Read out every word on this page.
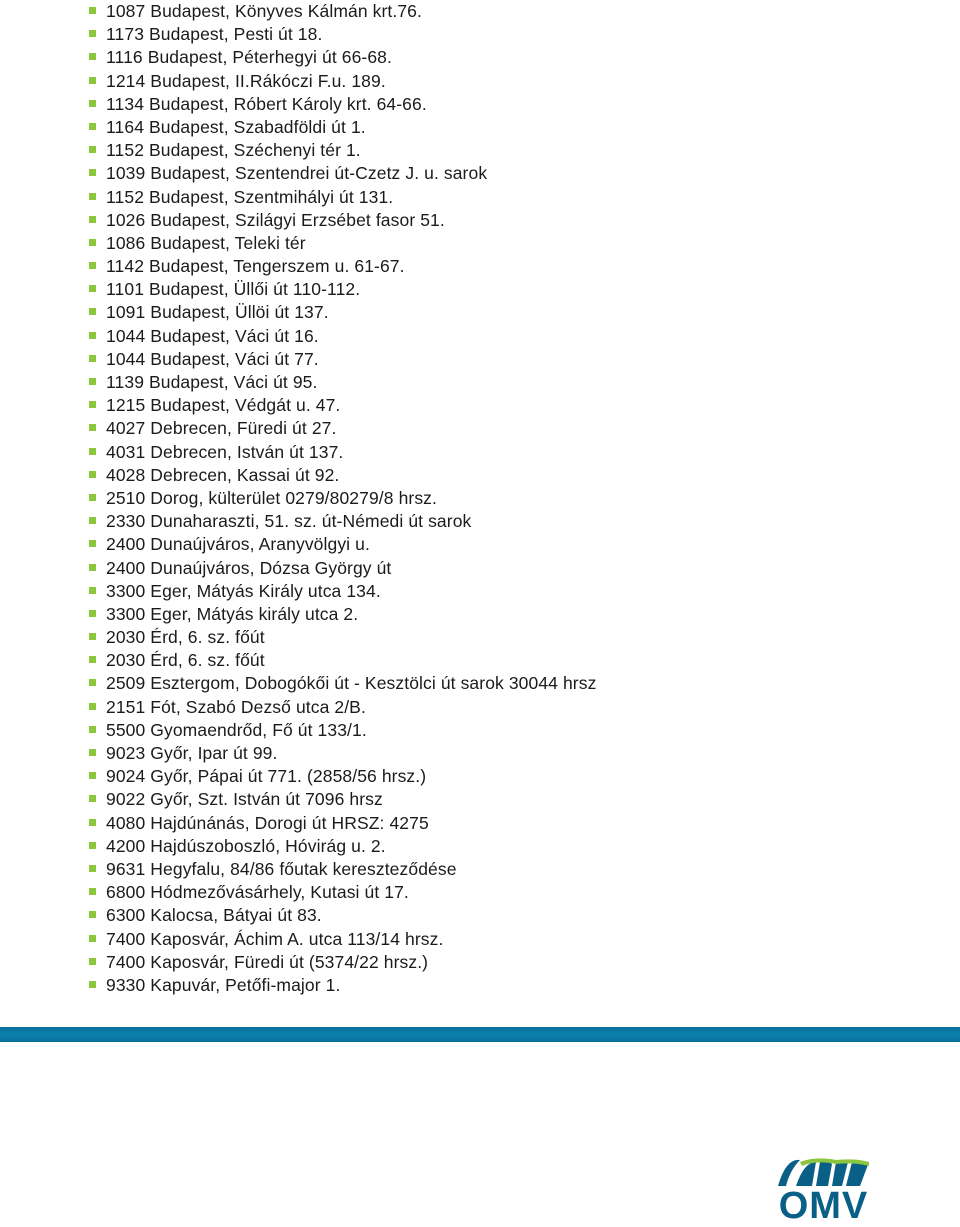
1087 Budapest, Könyves Kálmán krt.76.
1173 Budapest, Pesti út 18.
1116 Budapest, Péterhegyi út 66-68.
1214 Budapest, II.Rákóczi F.u. 189.
1134 Budapest, Róbert Károly krt. 64-66.
1164 Budapest, Szabadföldi út 1.
1152 Budapest, Széchenyi tér 1.
1039 Budapest, Szentendrei út-Czetz J. u. sarok
1152 Budapest, Szentmihályi út 131.
1026 Budapest, Szilágyi Erzsébet fasor 51.
1086 Budapest, Teleki tér
1142 Budapest, Tengerszem u. 61-67.
1101 Budapest, Üllői út 110-112.
1091 Budapest, Üllöi út 137.
1044 Budapest, Váci út 16.
1044 Budapest, Váci út 77.
1139 Budapest, Váci út 95.
1215 Budapest, Védgát u. 47.
4027 Debrecen, Füredi út 27.
4031 Debrecen, István út 137.
4028 Debrecen, Kassai út 92.
2510 Dorog, külterület 0279/80279/8 hrsz.
2330 Dunaharaszti, 51. sz. út-Némedi út sarok
2400 Dunaújváros, Aranyvölgyi u.
2400 Dunaújváros, Dózsa György út
3300 Eger, Mátyás Király utca 134.
3300 Eger, Mátyás király utca 2.
2030 Érd, 6. sz. főút
2030 Érd, 6. sz. főút
2509 Esztergom, Dobogókői út - Kesztölci út sarok 30044 hrsz
2151 Fót, Szabó Dezső utca 2/B.
5500 Gyomaendrőd, Fő út 133/1.
9023 Győr, Ipar út 99.
9024 Győr, Pápai út 771. (2858/56 hrsz.)
9022 Győr, Szt. István út 7096 hrsz
4080 Hajdúnánás, Dorogi út HRSZ: 4275
4200 Hajdúszoboszló, Hóvirág u. 2.
9631 Hegyfalu, 84/86 főutak kereszteződése
6800 Hódmezővásárhely, Kutasi út 17.
6300 Kalocsa, Bátyai út 83.
7400 Kaposvár, Áchim A. utca 113/14 hrsz.
7400 Kaposvár, Füredi út (5374/22 hrsz.)
9330 Kapuvár, Petőfi-major 1.
OMV
